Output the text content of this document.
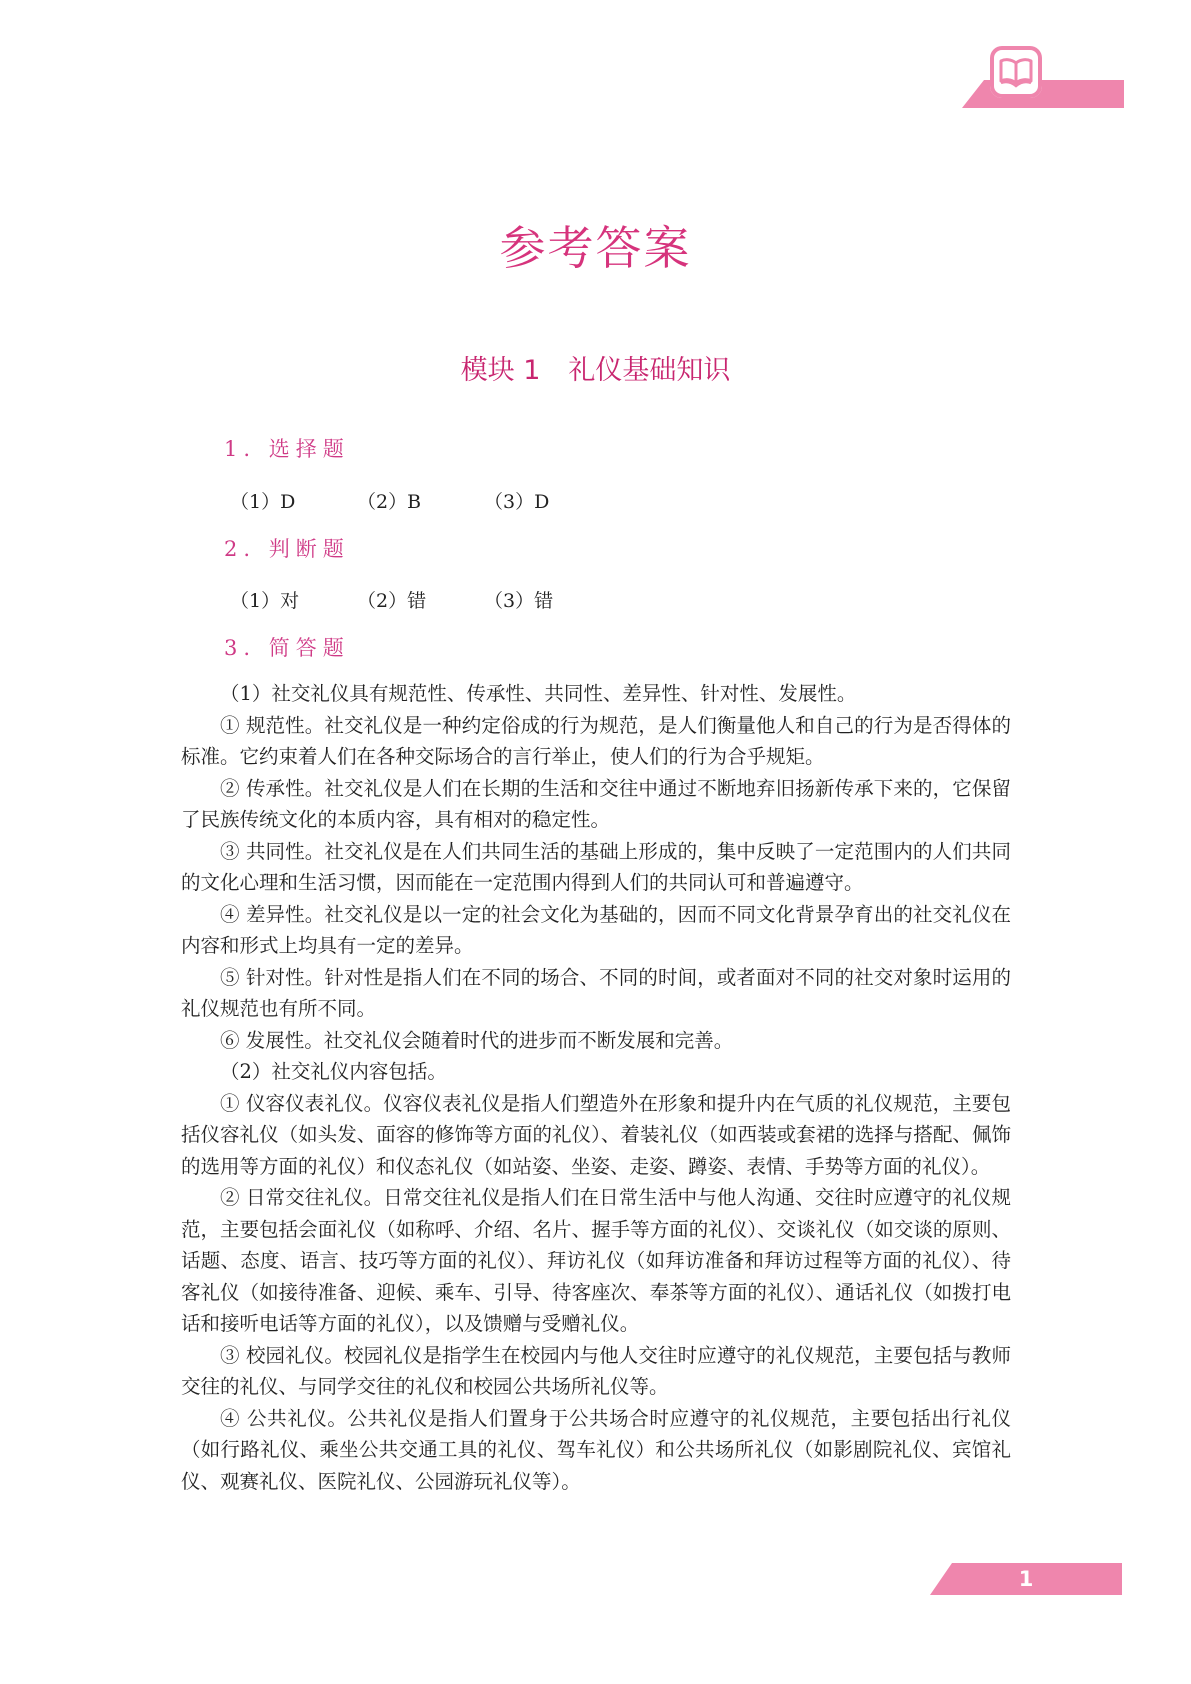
参考答案
模块 1 礼仪基础知识
1. 选择题
（1）D	（2）B	（3）D
2. 判断题
（1）对	（2）错	（3）错
3. 简答题

（1）社交礼仪具有规范性、传承性、共同性、差异性、针对性、发展性。

① 规范性。社交礼仪是一种约定俗成的行为规范，是人们衡量他人和自己的行为是否得体的标准。它约束着人们在各种交际场合的言行举止，使人们的行为合乎规矩。

② 传承性。社交礼仪是人们在长期的生活和交往中通过不断地弃旧扬新传承下来的，它保留了民族传统文化的本质内容，具有相对的稳定性。

③ 共同性。社交礼仪是在人们共同生活的基础上形成的，集中反映了一定范围内的人们共同的文化心理和生活习惯，因而能在一定范围内得到人们的共同认可和普遍遵守。

④ 差异性。社交礼仪是以一定的社会文化为基础的，因而不同文化背景孕育出的社交礼仪在内容和形式上均具有一定的差异。

⑤ 针对性。针对性是指人们在不同的场合、不同的时间，或者面对不同的社交对象时运用的礼仪规范也有所不同。

⑥ 发展性。社交礼仪会随着时代的进步而不断发展和完善。

（2）社交礼仪内容包括。

① 仪容仪表礼仪。仪容仪表礼仪是指人们塑造外在形象和提升内在气质的礼仪规范，主要包括仪容礼仪（如头发、面容的修饰等方面的礼仪）、着装礼仪（如西装或套裙的选择与搭配、佩饰的选用等方面的礼仪）和仪态礼仪（如站姿、坐姿、走姿、蹲姿、表情、手势等方面的礼仪）。

② 日常交往礼仪。日常交往礼仪是指人们在日常生活中与他人沟通、交往时应遵守的礼仪规范，主要包括会面礼仪（如称呼、介绍、名片、握手等方面的礼仪）、交谈礼仪（如交谈的原则、话题、态度、语言、技巧等方面的礼仪）、拜访礼仪（如拜访准备和拜访过程等方面的礼仪）、待客礼仪（如接待准备、迎候、乘车、引导、待客座次、奉茶等方面的礼仪）、通话礼仪（如拨打电话和接听电话等方面的礼仪），以及馈赠与受赠礼仪。

③ 校园礼仪。校园礼仪是指学生在校园内与他人交往时应遵守的礼仪规范，主要包括与教师交往的礼仪、与同学交往的礼仪和校园公共场所礼仪等。

④ 公共礼仪。公共礼仪是指人们置身于公共场合时应遵守的礼仪规范，主要包括出行礼仪（如行路礼仪、乘坐公共交通工具的礼仪、驾车礼仪）和公共场所礼仪（如影剧院礼仪、宾馆礼仪、观赛礼仪、医院礼仪、公园游玩礼仪等）。

1
